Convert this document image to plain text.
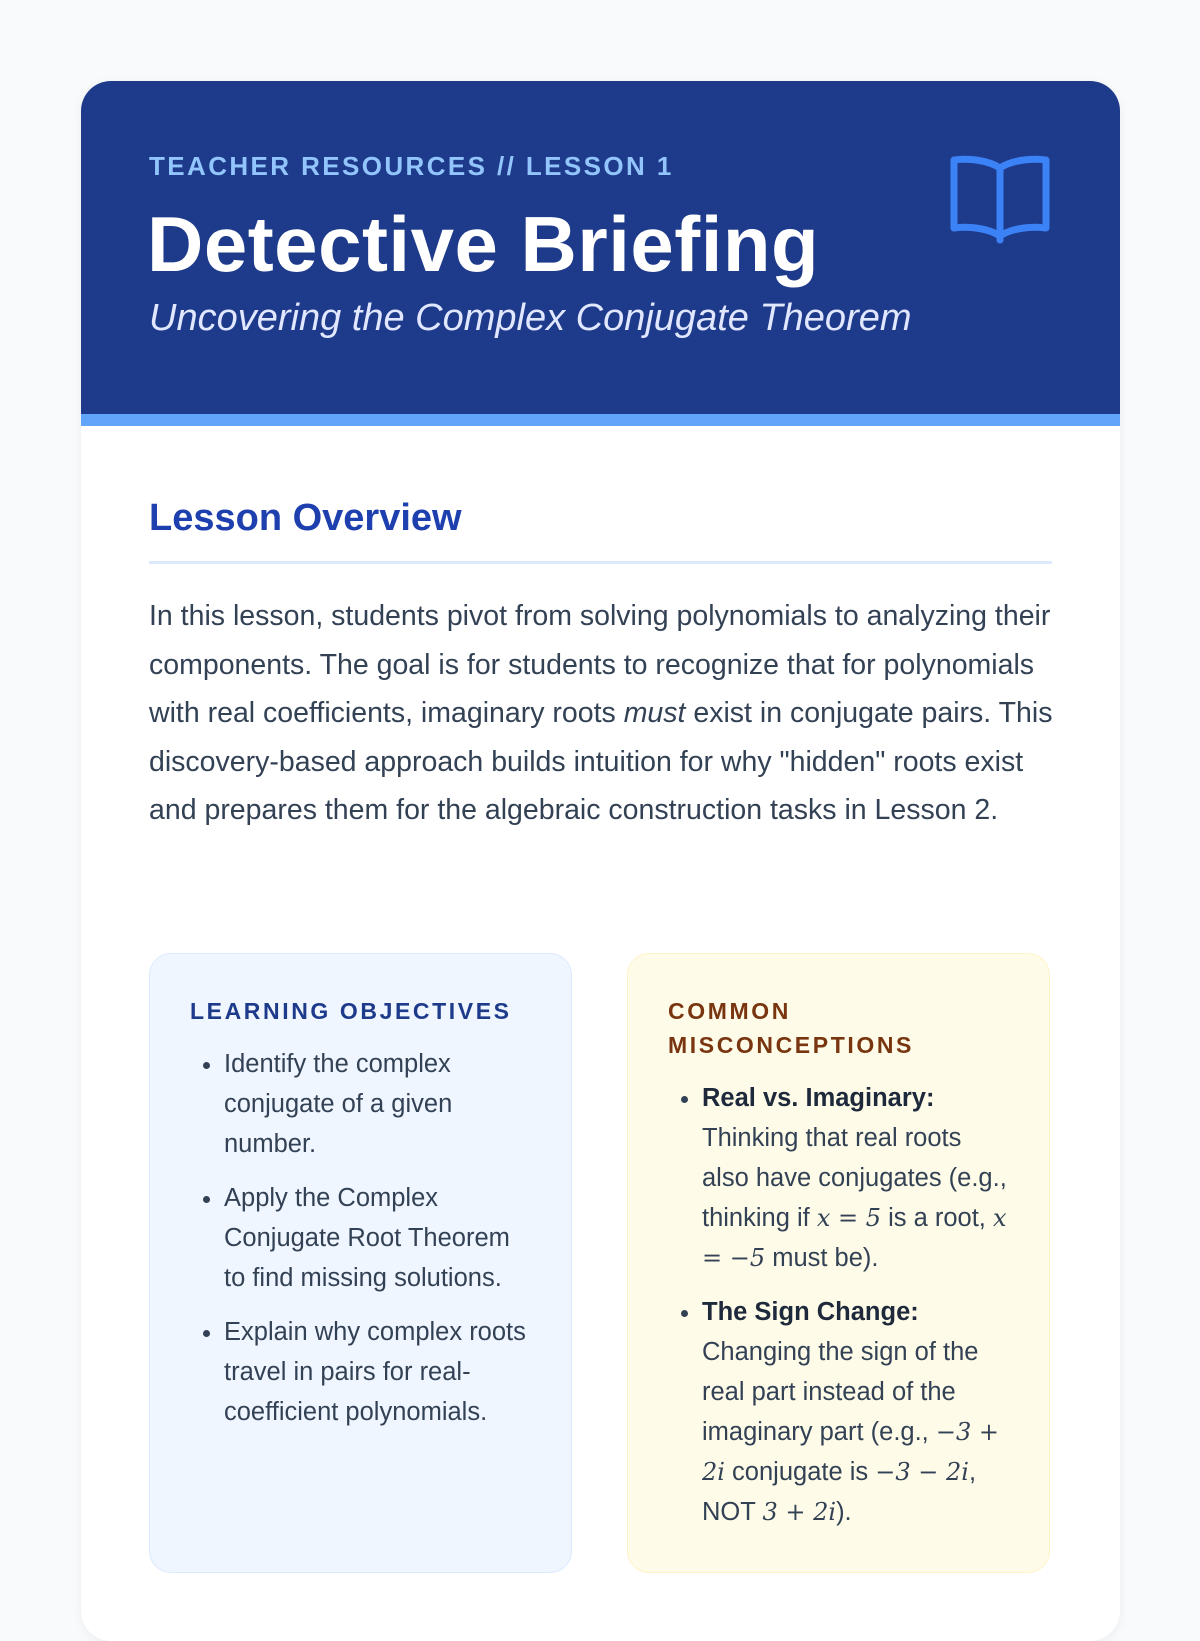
TEACHER RESOURCES // LESSON 1
Detective Briefing
Uncovering the Complex Conjugate Theorem
Lesson Overview

In this lesson, students pivot from solving polynomials to analyzing their components. The goal is for students to recognize that for polynomials with real coefficients, imaginary roots must exist in conjugate pairs. This discovery-based approach builds intuition for why "hidden" roots exist and prepares them for the algebraic construction tasks in Lesson 2.

LEARNING OBJECTIVES
• Identify the complex conjugate of a given number.
• Apply the Complex Conjugate Root Theorem to find missing solutions.
• Explain why complex roots travel in pairs for real-coefficient polynomials.
COMMON MISCONCEPTIONS
• Real vs. Imaginary:
Thinking that real roots also have conjugates (e.g., thinking if x = 5 is a root, x = −5 must be).
• The Sign Change:
Changing the sign of the real part instead of the imaginary part (e.g., −3 + 2i conjugate is −3 − 2i, NOT 3 + 2i).
